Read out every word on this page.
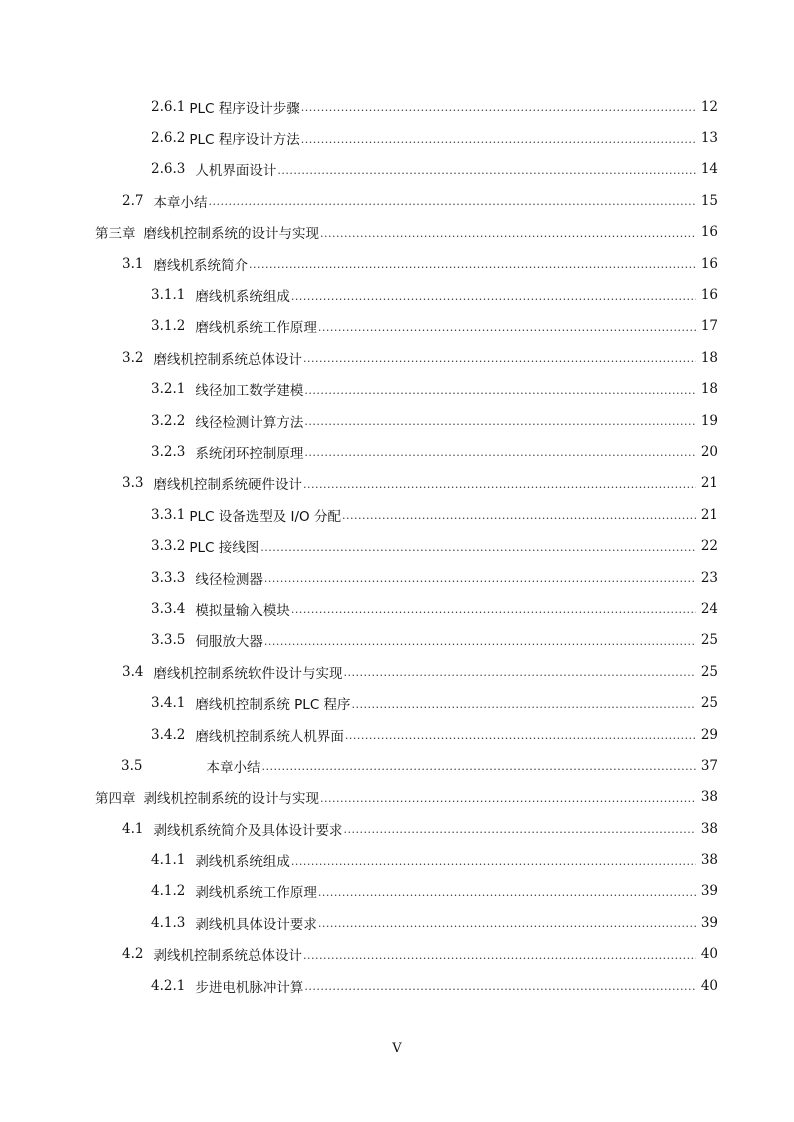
2.6.1 PLC 程序设计步骤 .....	12
2.6.2 PLC 程序设计方法 .....	13
2.6.3 人机界面设计 .....	14
2.7 本章小结 .....	15
第三章 磨线机控制系统的设计与实现 .....	16
3.1 磨线机系统简介 .....	16
3.1.1 磨线机系统组成 .....	16
3.1.2 磨线机系统工作原理 .....	17
3.2 磨线机控制系统总体设计 .....	18
3.2.1 线径加工数学建模 .....	18
3.2.2 线径检测计算方法 .....	19
3.2.3 系统闭环控制原理 .....	20
3.3 磨线机控制系统硬件设计 .....	21
3.3.1 PLC 设备选型及 I/O 分配 .....	21
3.3.2 PLC 接线图 .....	22
3.3.3 线径检测器 .....	23
3.3.4 模拟量输入模块 .....	24
3.3.5 伺服放大器 .....	25
3.4 磨线机控制系统软件设计与实现 .....	25
3.4.1 磨线机控制系统 PLC 程序 .....	25
3.4.2 磨线机控制系统人机界面 .....	29
3.5	本章小结 .....	37
第四章 剥线机控制系统的设计与实现 .....	38
4.1 剥线机系统简介及具体设计要求 .....	38
4.1.1 剥线机系统组成 .....	38
4.1.2 剥线机系统工作原理 .....	39
4.1.3 剥线机具体设计要求 .....	39
4.2 剥线机控制系统总体设计 .....	40
4.2.1 步进电机脉冲计算 .....	40
V
